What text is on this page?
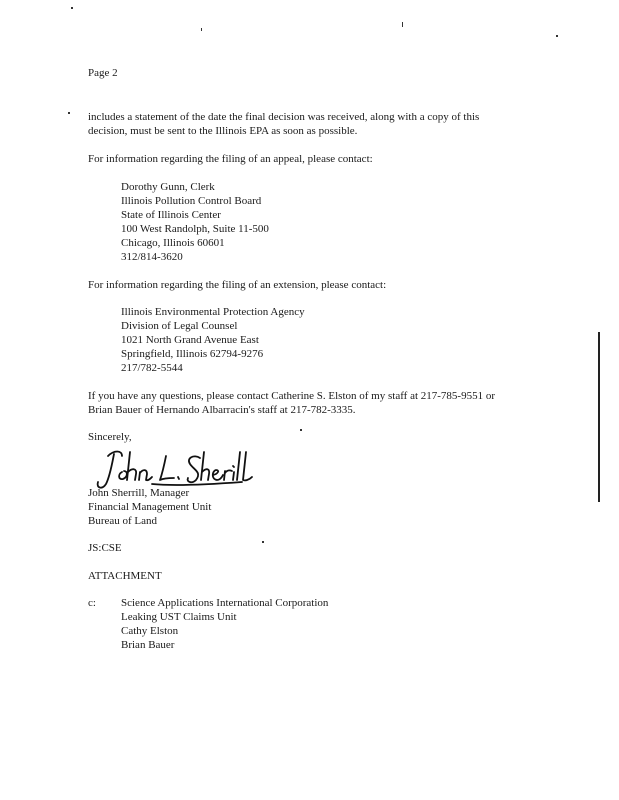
Page 2
includes a statement of the date the final decision was received, along with a copy of this
decision, must be sent to the Illinois EPA as soon as possible.
For information regarding the filing of an appeal, please contact:
Dorothy Gunn, Clerk
Illinois Pollution Control Board
State of Illinois Center
100 West Randolph, Suite 11-500
Chicago, Illinois 60601
312/814-3620
For information regarding the filing of an extension, please contact:
Illinois Environmental Protection Agency
Division of Legal Counsel
1021 North Grand Avenue East
Springfield, Illinois 62794-9276
217/782-5544
If you have any questions, please contact Catherine S. Elston of my staff at 217-785-9551 or
Brian Bauer of Hernando Albarracin's staff at 217-782-3335.
Sincerely,
John Sherrill, Manager
Financial Management Unit
Bureau of Land
JS:CSE
ATTACHMENT
c: Science Applications International Corporation
Leaking UST Claims Unit
Cathy Elston
Brian Bauer
